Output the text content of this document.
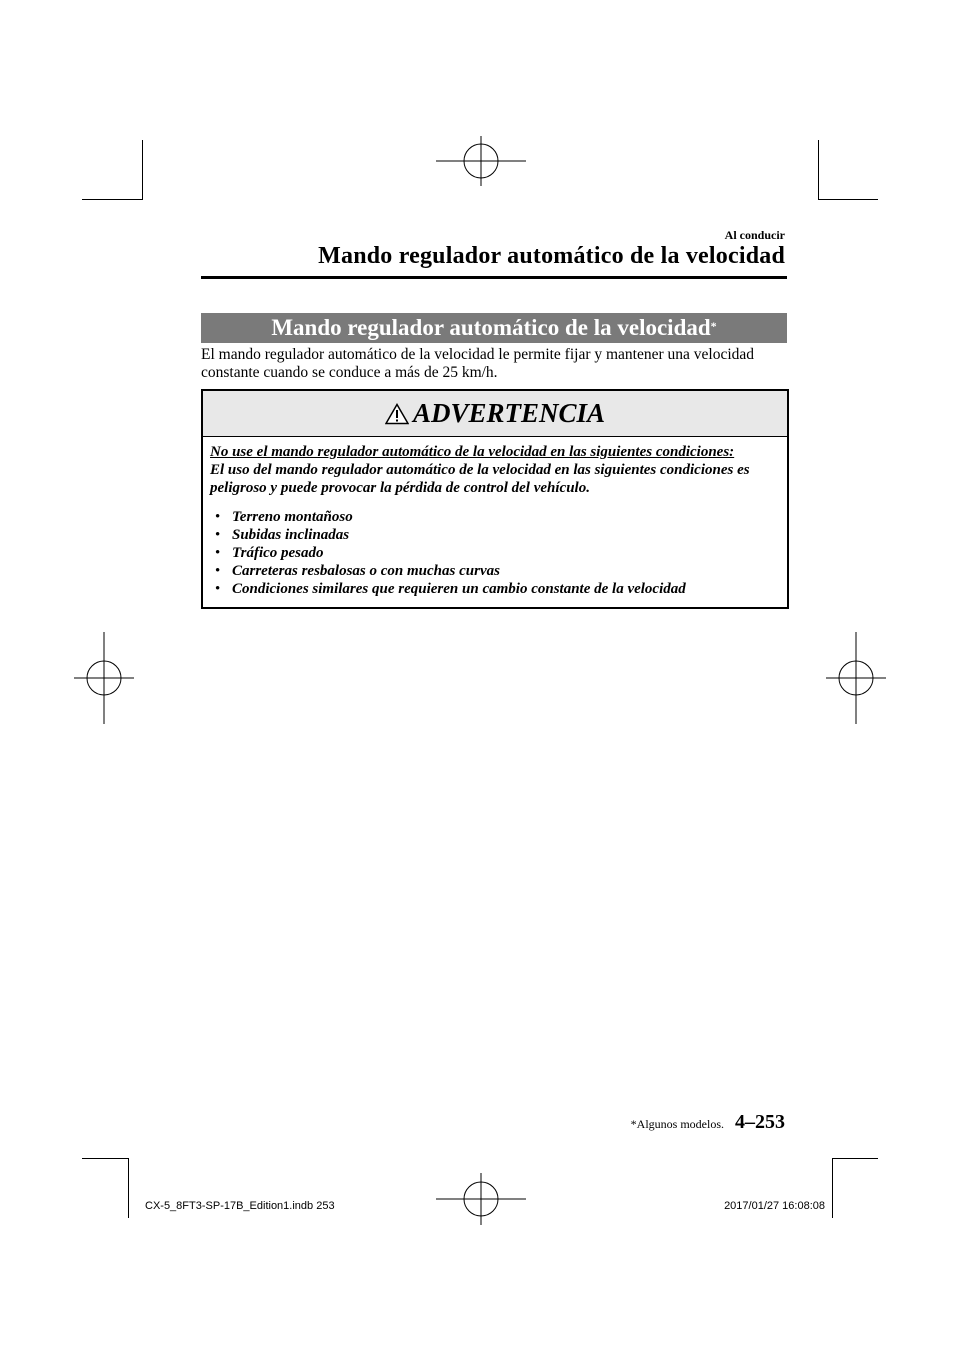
Al conducir
Mando regulador automático de la velocidad
Mando regulador automático de la velocidad*
El mando regulador automático de la velocidad le permite fijar y mantener una velocidad constante cuando se conduce a más de 25 km/h.
ADVERTENCIA
No use el mando regulador automático de la velocidad en las siguientes condiciones:
El uso del mando regulador automático de la velocidad en las siguientes condiciones es peligroso y puede provocar la pérdida de control del vehículo.
• Terreno montañoso
• Subidas inclinadas
• Tráfico pesado
• Carreteras resbalosas o con muchas curvas
• Condiciones similares que requieren un cambio constante de la velocidad
*Algunos modelos. 4–253
CX-5_8FT3-SP-17B_Edition1.indb 253	2017/01/27 16:08:08
